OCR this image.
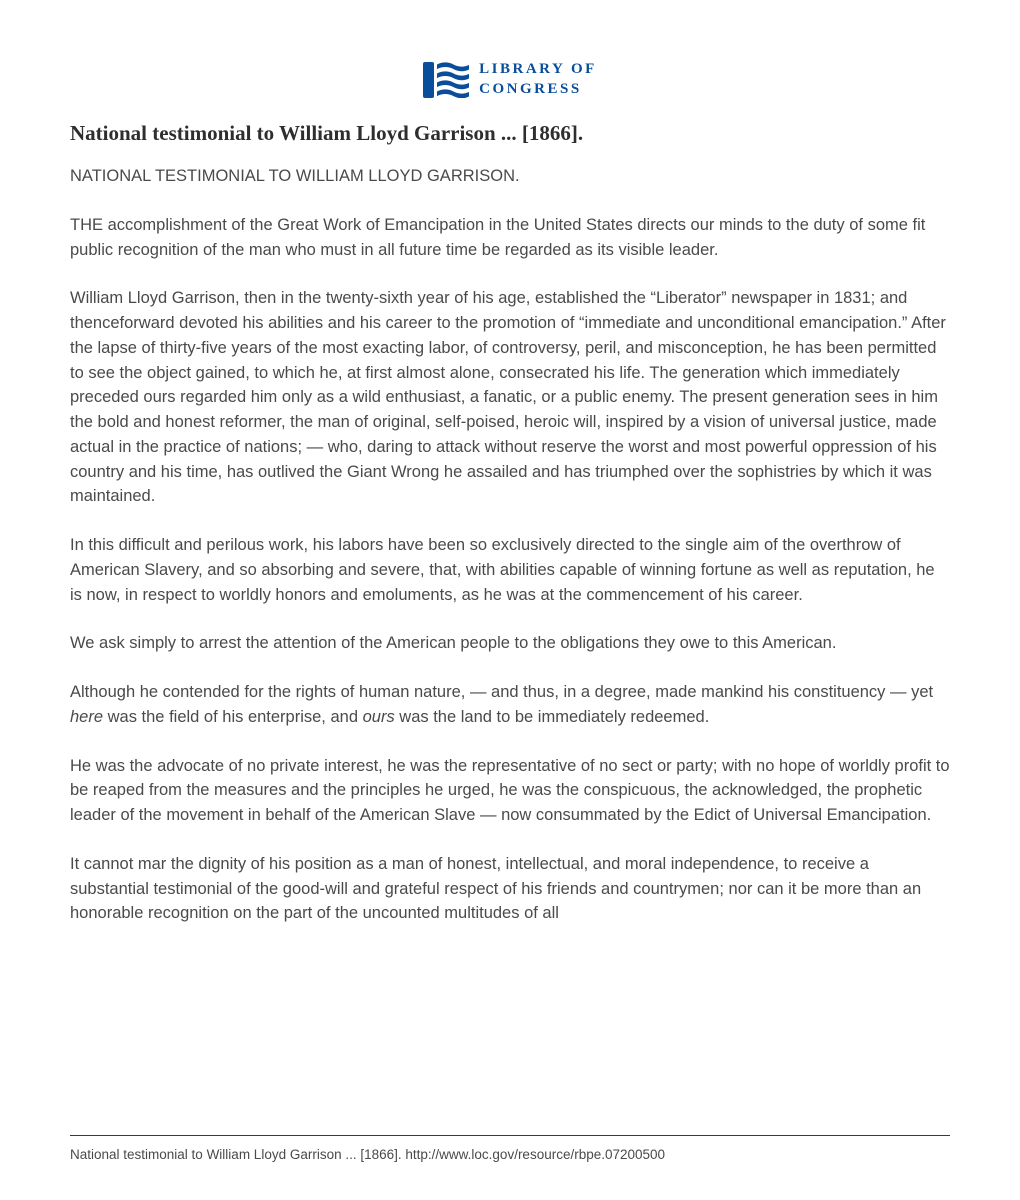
LIBRARY OF
CONGRESS
National testimonial to William Lloyd Garrison ... [1866].

NATIONAL TESTIMONIAL TO WILLIAM LLOYD GARRISON.

THE accomplishment of the Great Work of Emancipation in the United States directs our minds to the duty of some fit public recognition of the man who must in all future time be regarded as its visible leader.

William Lloyd Garrison, then in the twenty-sixth year of his age, established the “Liberator” newspaper in 1831; and thenceforward devoted his abilities and his career to the promotion of “immediate and unconditional emancipation.” After the lapse of thirty-five years of the most exacting labor, of controversy, peril, and misconception, he has been permitted to see the object gained, to which he, at first almost alone, consecrated his life. The generation which immediately preceded ours regarded him only as a wild enthusiast, a fanatic, or a public enemy. The present generation sees in him the bold and honest reformer, the man of original, self-poised, heroic will, inspired by a vision of universal justice, made actual in the practice of nations; — who, daring to attack without reserve the worst and most powerful oppression of his country and his time, has outlived the Giant Wrong he assailed and has triumphed over the sophistries by which it was maintained.

In this difficult and perilous work, his labors have been so exclusively directed to the single aim of the overthrow of American Slavery, and so absorbing and severe, that, with abilities capable of winning fortune as well as reputation, he is now, in respect to worldly honors and emoluments, as he was at the commencement of his career.

We ask simply to arrest the attention of the American people to the obligations they owe to this American.

Although he contended for the rights of human nature, — and thus, in a degree, made mankind his constituency — yet here was the field of his enterprise, and ours was the land to be immediately redeemed.

He was the advocate of no private interest, he was the representative of no sect or party; with no hope of worldly profit to be reaped from the measures and the principles he urged, he was the conspicuous, the acknowledged, the prophetic leader of the movement in behalf of the American Slave — now consummated by the Edict of Universal Emancipation.

It cannot mar the dignity of his position as a man of honest, intellectual, and moral independence, to receive a substantial testimonial of the good-will and grateful respect of his friends and countrymen; nor can it be more than an honorable recognition on the part of the uncounted multitudes of all

National testimonial to William Lloyd Garrison ... [1866]. http://www.loc.gov/resource/rbpe.07200500
